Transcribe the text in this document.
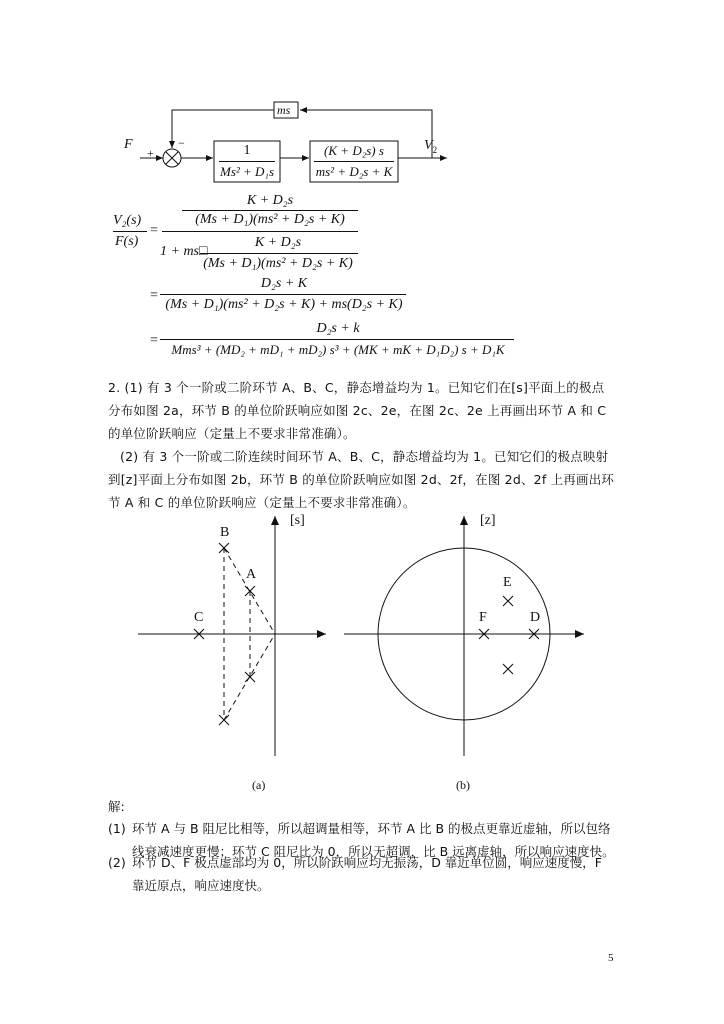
ms
F
+
−	$V_2$
1
Ms² + D₁s
(K + D₂s) s
ms² + D₂s + K
V₂(s)
F(s)
=
K + D₂s
(Ms + D₁)(ms² + D₂s + K)
1 + ms□
K + D₂s
(Ms + D₁)(ms² + D₂s + K)
=
D₂s + K
(Ms + D₁)(ms² + D₂s + K) + ms(D₂s + K)
=
D₂s + k
Mms³ + (MD₂ + mD₁ + mD₂) s³ + (MK + mK + D₁D₂) s + D₁K
2. (1) 有 3 个一阶或二阶环节 A、B、C，静态增益均为 1。已知它们在[s]平面上的极点分布如图 2a，环节 B 的单位阶跃响应如图 2c、2e，在图 2c、2e 上再画出环节 A 和 C 的单位阶跃响应（定量上不要求非常准确）。
(2) 有 3 个一阶或二阶连续时间环节 A、B、C，静态增益均为 1。已知它们的极点映射到[z]平面上分布如图 2b，环节 B 的单位阶跃响应如图 2d、2f，在图 2d、2f 上再画出环节 A 和 C 的单位阶跃响应（定量上不要求非常准确）。
[s]
B
A
C
(a)
[z]
E
F	D
(b)
解:
(1) 环节 A 与 B 阻尼比相等，所以超调量相等，环节 A 比 B 的极点更靠近虚轴，所以包络线衰减速度更慢；环节 C 阻尼比为 0，所以无超调，比 B 远离虚轴，所以响应速度快。
(2) 环节 D、F 极点虚部均为 0，所以阶跃响应均无振荡，D 靠近单位圆，响应速度慢，F 靠近原点，响应速度快。
5
